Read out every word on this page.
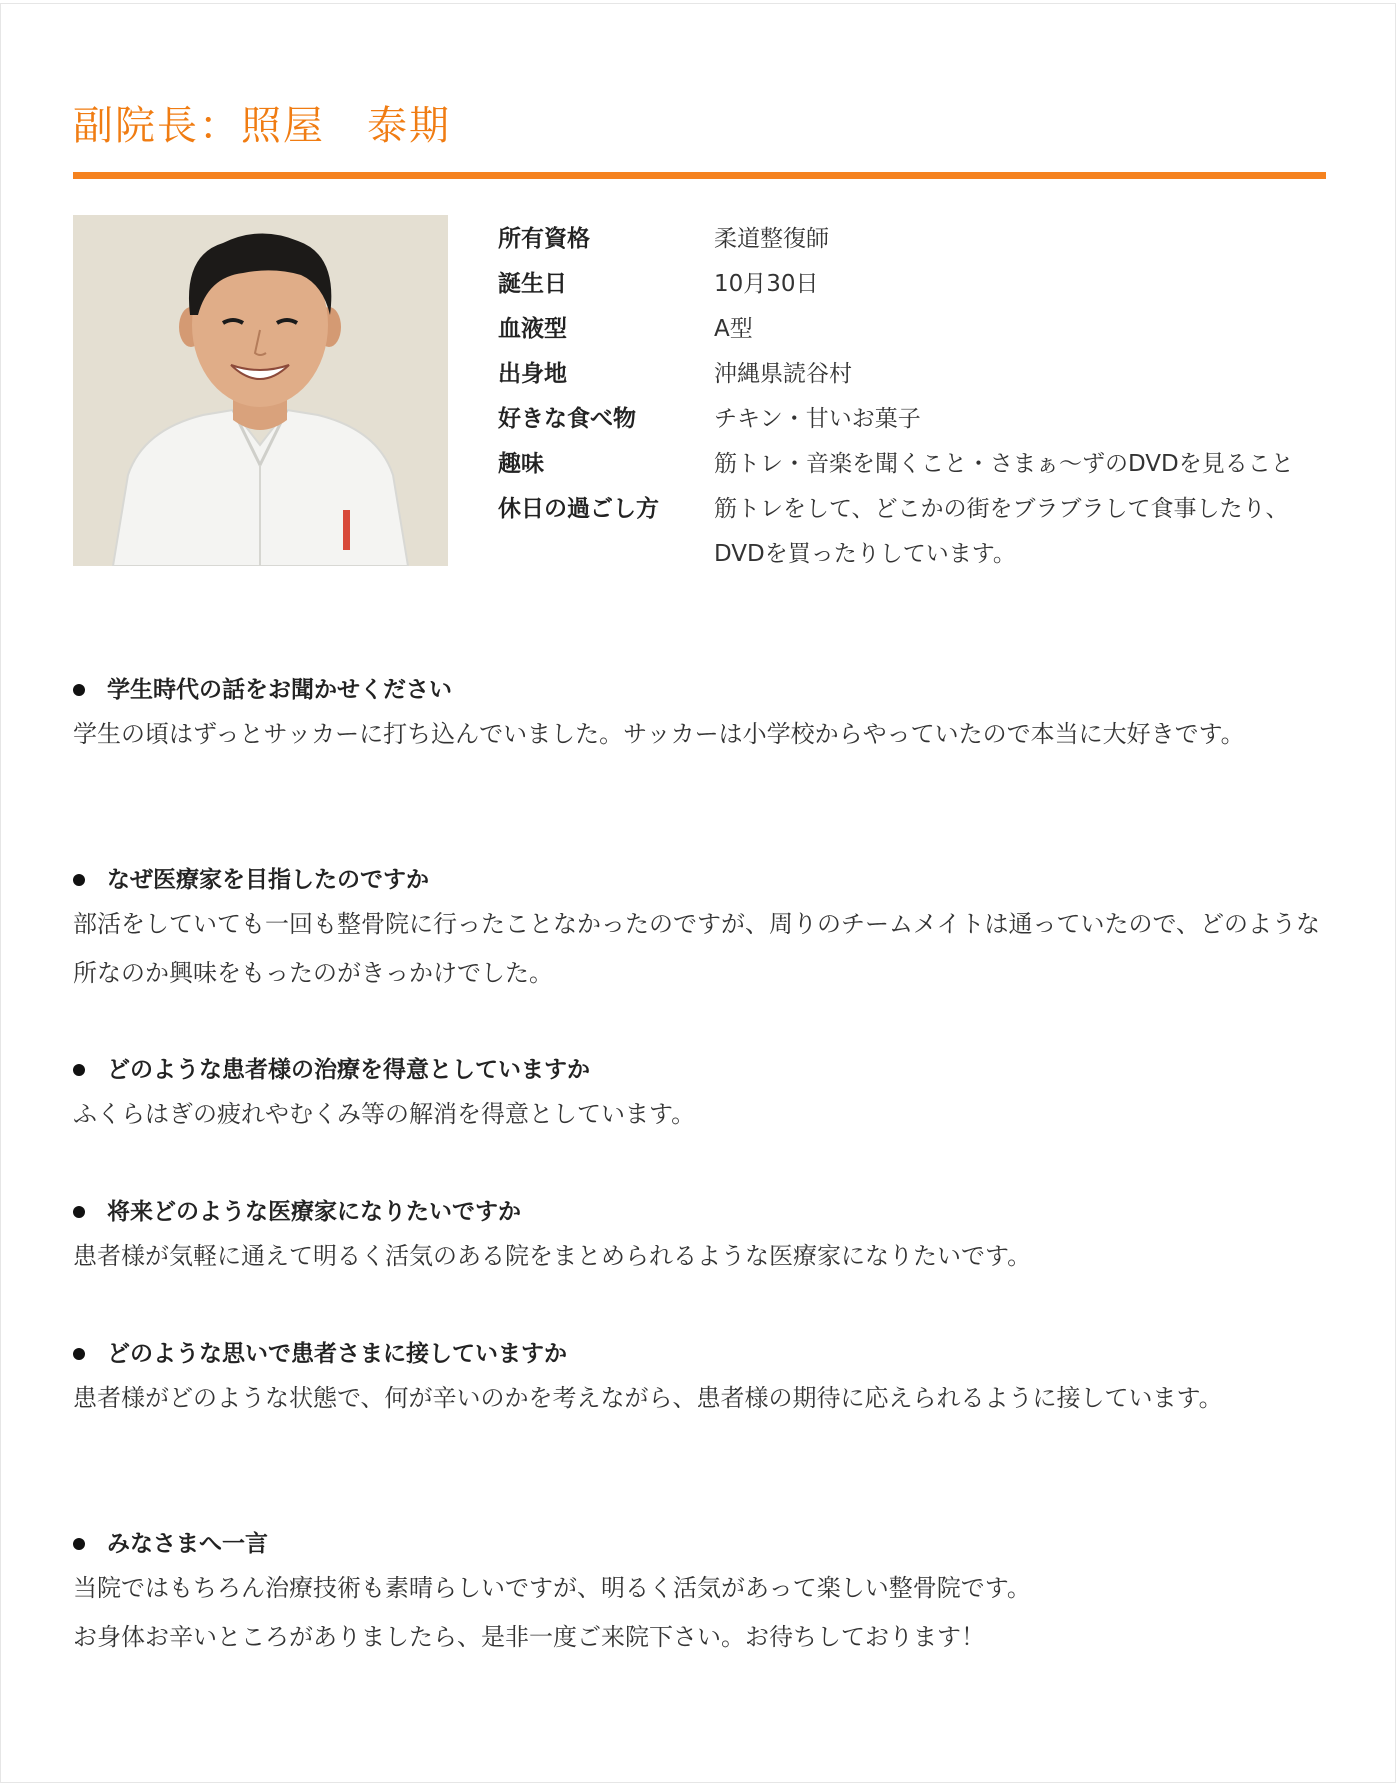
副院長：照屋　泰期
所有資格	柔道整復師
誕生日	10月30日
血液型	A型
出身地	沖縄県読谷村
好きな食べ物	チキン・甘いお菓子
趣味	筋トレ・音楽を聞くこと・さまぁ～ずのDVDを見ること
休日の過ごし方	筋トレをして、どこかの街をブラブラして食事したり、DVDを買ったりしています。
学生時代の話をお聞かせください

学生の頃はずっとサッカーに打ち込んでいました。サッカーは小学校からやっていたので本当に大好きです。

なぜ医療家を目指したのですか

部活をしていても一回も整骨院に行ったことなかったのですが、周りのチームメイトは通っていたので、どのような所なのか興味をもったのがきっかけでした。

どのような患者様の治療を得意としていますか

ふくらはぎの疲れやむくみ等の解消を得意としています。

将来どのような医療家になりたいですか

患者様が気軽に通えて明るく活気のある院をまとめられるような医療家になりたいです。

どのような思いで患者さまに接していますか

患者様がどのような状態で、何が辛いのかを考えながら、患者様の期待に応えられるように接しています。

みなさまへ一言

当院ではもちろん治療技術も素晴らしいですが、明るく活気があって楽しい整骨院です。

お身体お辛いところがありましたら、是非一度ご来院下さい。お待ちしております！
